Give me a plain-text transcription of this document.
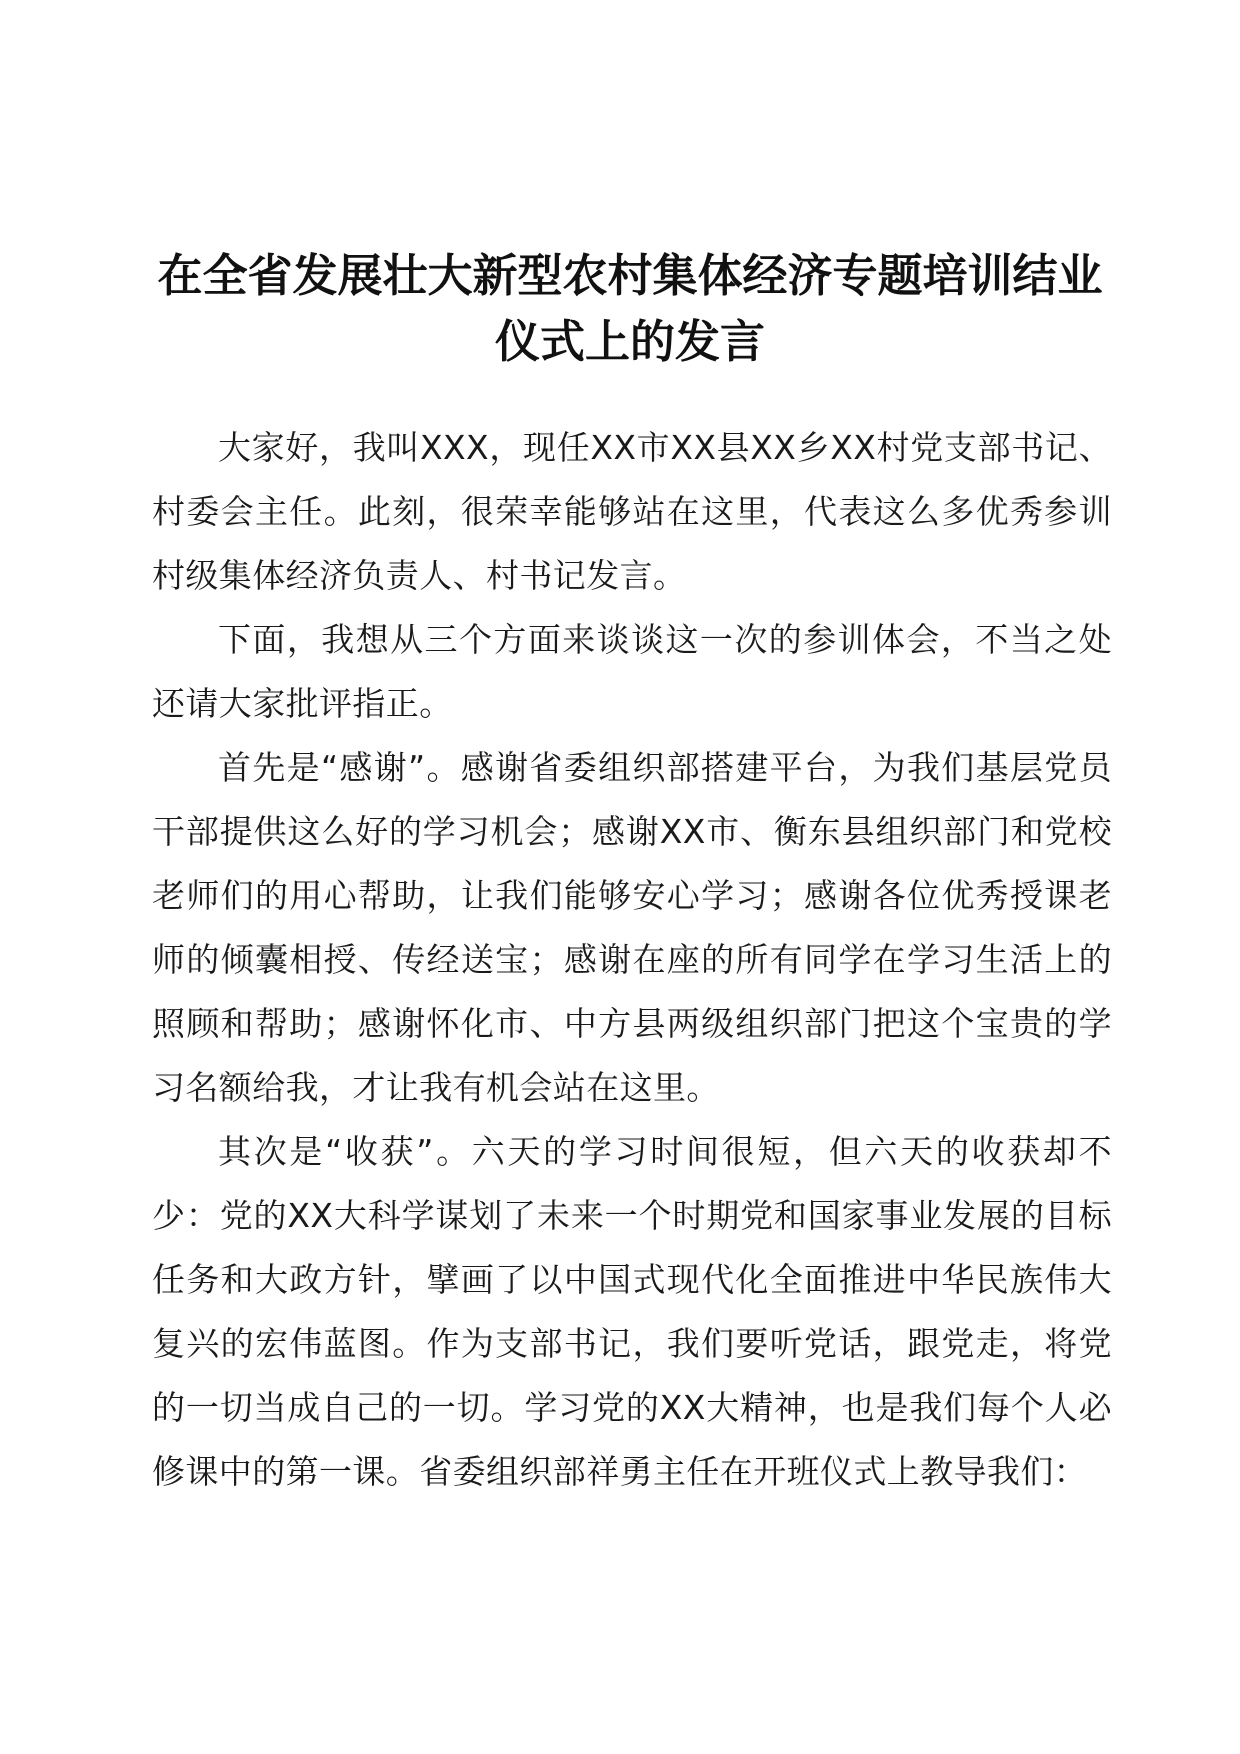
在全省发展壮大新型农村集体经济专题培训结业仪式上的发言

大家好，我叫XXX，现任XX市XX县XX乡XX村党支部书记、村委会主任。此刻，很荣幸能够站在这里，代表这么多优秀参训村级集体经济负责人、村书记发言。

下面，我想从三个方面来谈谈这一次的参训体会，不当之处还请大家批评指正。

首先是“感谢”。感谢省委组织部搭建平台，为我们基层党员干部提供这么好的学习机会；感谢XX市、衡东县组织部门和党校老师们的用心帮助，让我们能够安心学习；感谢各位优秀授课老师的倾囊相授、传经送宝；感谢在座的所有同学在学习生活上的照顾和帮助；感谢怀化市、中方县两级组织部门把这个宝贵的学习名额给我，才让我有机会站在这里。

其次是“收获”。六天的学习时间很短，但六天的收获却不少：党的XX大科学谋划了未来一个时期党和国家事业发展的目标任务和大政方针，擘画了以中国式现代化全面推进中华民族伟大复兴的宏伟蓝图。作为支部书记，我们要听党话，跟党走，将党的一切当成自己的一切。学习党的XX大精神，也是我们每个人必修课中的第一课。省委组织部祥勇主任在开班仪式上教导我们：
